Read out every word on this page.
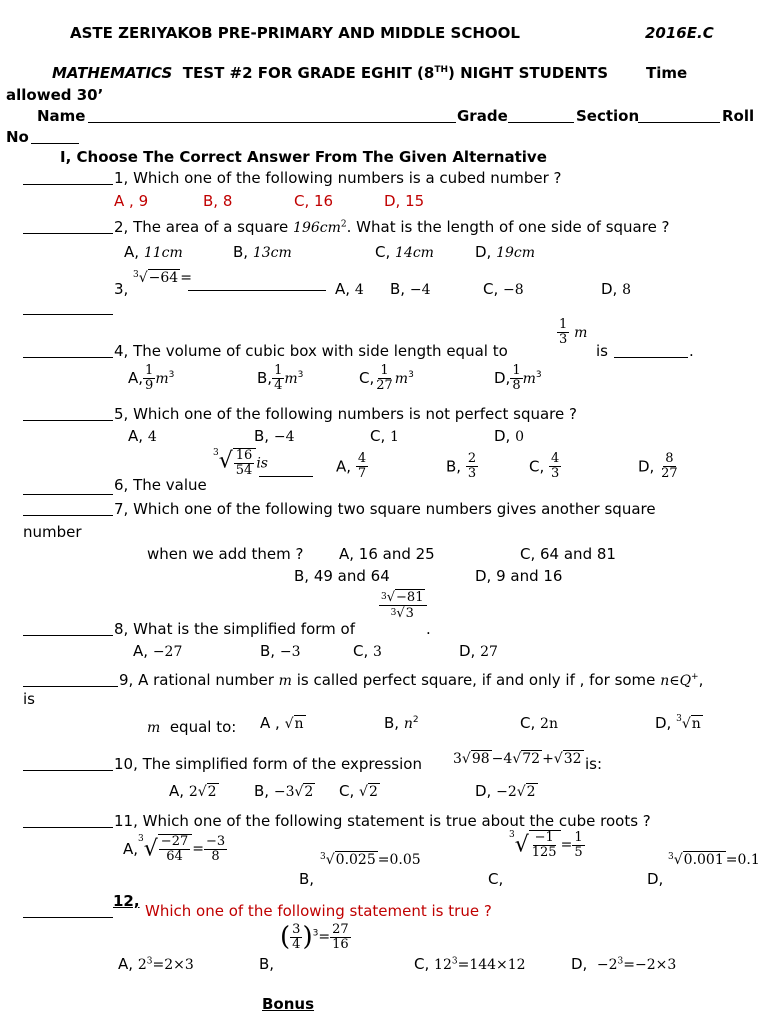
ASTE ZERIYAKOB PRE-PRIMARY AND MIDDLE SCHOOL	2016E.C
MATHEMATICS TEST #2 FOR GRADE EGHIT (8TH) NIGHT STUDENTS	Time
allowed 30’
Name	Grade	Section	Roll
No
I, Choose The Correct Answer From The Given Alternative
1, Which one of the following numbers is a cubed number ?
A , 9	B, 8	C, 16	D, 15
2, The area of a square $196cm^2$. What is the length of one side of square ?
A, 11cm	B, 13cm	C, 14cm	D, 19cm
3,
$^3$√−64 =
A, 4 B, −4	C, −8	D, 8
4, The volume of cubic box with side length equal to
$\frac{1}{3}$ m
is	.
A, $\frac{1}{9} m^3$	B, $\frac{1}{4} m^3$	C, $\frac{1}{27} m^3$	D, $\frac{1}{8} m^3$
5, Which one of the following numbers is not perfect square ?
A, 4	B, −4	C, 1	D, 0
6, The value
$^3√ \frac{16}{54}$ is	A, $\frac{4}{7}$	B, $\frac{2}{3}$	C, $\frac{4}{3}$	D, $\frac{8}{27}$
7, Which one of the following two square numbers gives another square
number
when we add them ? A, 16 and 25	C, 64 and 81
B, 49 and 64	D, 9 and 16
8, What is the simplified form of
$\frac{^3√-81}{^3√3}$
.
A, −27	B, −3	C, 3	D, 27
9, A rational number m is called perfect square, if and only if , for some n∈Q+,
is
m equal to: A , √n	B, $n^2$	C, 2n	D, $^3$√n
10, The simplified form of the expression 3√98 −4√72 +√32 is:
A, 2√2 B, −3√2 C, √2	D, −2√2
11, Which one of the following statement is true about the cube roots ?
$A,^3√ \frac{-27}{64} = \frac{-3}{8}$
B,
$^3$√0.025 =0.05
C,
$^3√ \frac{-1}{125} = \frac{1}{5}$
D,
$^3$√0.001 =0.1
12,
Which one of the following statement is true ?
A, $2^3=2\times 3$	B,
( $\frac{3}{4} )^3= \frac{27}{16}$
C, $12^3=144\times 12$	D, $-2^3=-2\times 3$
Bonus
